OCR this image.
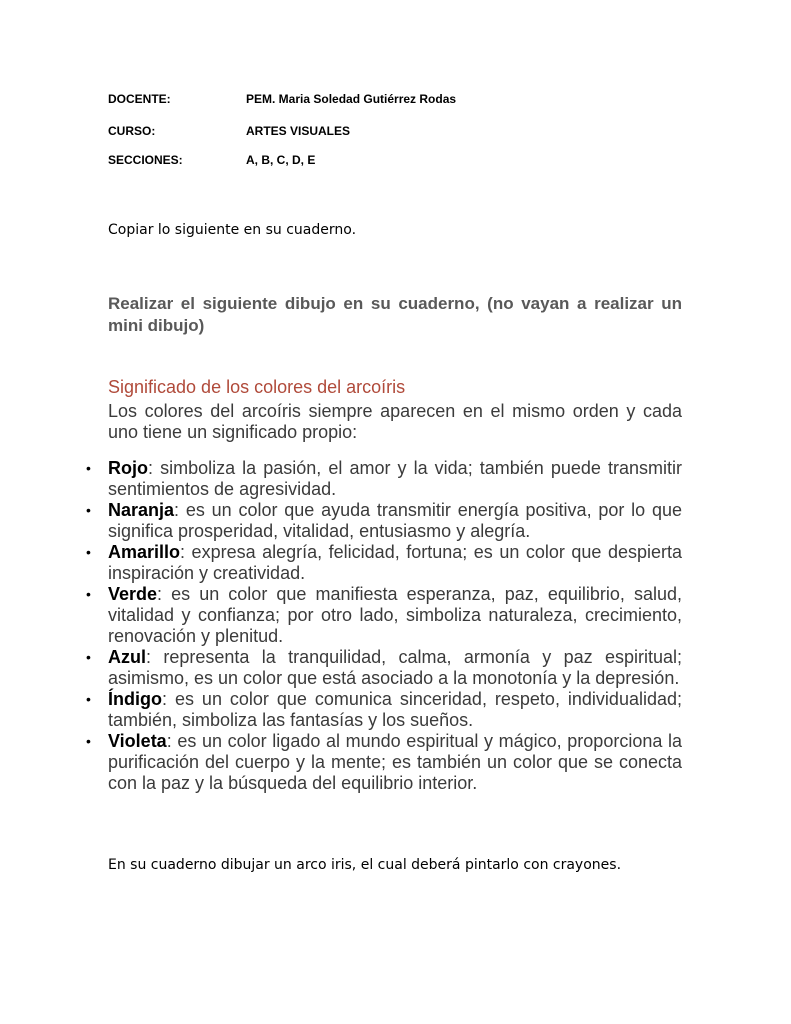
DOCENTE:	PEM. Maria Soledad Gutiérrez Rodas
CURSO:	ARTES VISUALES
SECCIONES:	A, B, C, D, E
Copiar lo siguiente en su cuaderno.
Realizar el siguiente dibujo en su cuaderno, (no vayan a realizar un mini dibujo)
Significado de los colores del arcoíris
Los colores del arcoíris siempre aparecen en el mismo orden y cada uno tiene un significado propio:
• Rojo: simboliza la pasión, el amor y la vida; también puede transmitir sentimientos de agresividad.
• Naranja: es un color que ayuda transmitir energía positiva, por lo que significa prosperidad, vitalidad, entusiasmo y alegría.
• Amarillo: expresa alegría, felicidad, fortuna; es un color que despierta inspiración y creatividad.
• Verde: es un color que manifiesta esperanza, paz, equilibrio, salud, vitalidad y confianza; por otro lado, simboliza naturaleza, crecimiento, renovación y plenitud.
• Azul: representa la tranquilidad, calma, armonía y paz espiritual; asimismo, es un color que está asociado a la monotonía y la depresión.
• Índigo: es un color que comunica sinceridad, respeto, individualidad; también, simboliza las fantasías y los sueños.
• Violeta: es un color ligado al mundo espiritual y mágico, proporciona la purificación del cuerpo y la mente; es también un color que se conecta con la paz y la búsqueda del equilibrio interior.
En su cuaderno dibujar un arco iris, el cual deberá pintarlo con crayones.
